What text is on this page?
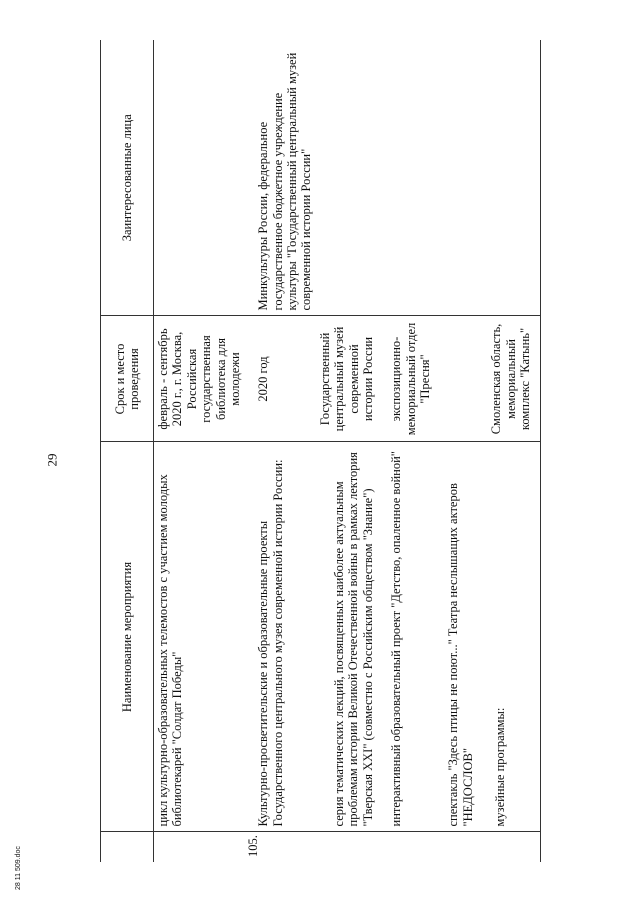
29
28 11 509.doc
	Наименование мероприятия	Срок и место проведения	Заинтересованные лица

	цикл культурно-образовательных телемостов с участием молодых библиотекарей "Солдат Победы"	февраль - сентябрь 2020 г., г. Москва, Российская государственная библиотека для молодежи	
105.	Культурно-просветительские и образовательные проекты Государственного центрального музея современной истории России:	2020 год	Минкультуры России, федеральное государственное бюджетное учреждение культуры "Государственный центральный музей современной истории России"

	серия тематических лекций, посвященных наиболее актуальным проблемам истории Великой Отечественной войны в рамках лектория "Тверская XXI" (совместно с Российским обществом "Знание")	Государственный центральный музей современной истории России	

	интерактивный образовательный проект "Детство, опаленное войной"	экспозиционно-мемориальный отдел "Пресня"	

	спектакль "Здесь птицы не поют..." Театра неслышащих актеров "НЕДОСЛОВ"		

	музейные программы:	Смоленская область, мемориальный комплекс "Катынь"	
